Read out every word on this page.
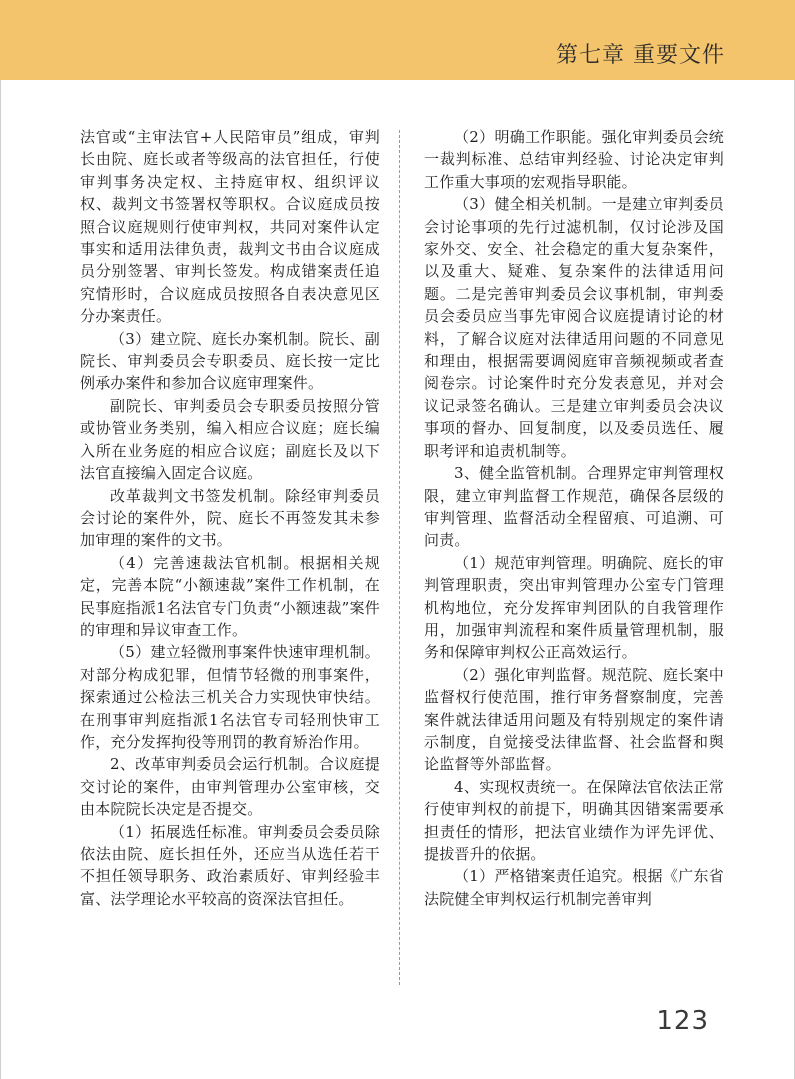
第七章 重要文件

法官或“主审法官+人民陪审员”组成，审判长由院、庭长或者等级高的法官担任，行使审判事务决定权、主持庭审权、组织评议权、裁判文书签署权等职权。合议庭成员按照合议庭规则行使审判权，共同对案件认定事实和适用法律负责，裁判文书由合议庭成员分别签署、审判长签发。构成错案责任追究情形时，合议庭成员按照各自表决意见区分办案责任。

（3）建立院、庭长办案机制。院长、副院长、审判委员会专职委员、庭长按一定比例承办案件和参加合议庭审理案件。

副院长、审判委员会专职委员按照分管或协管业务类别，编入相应合议庭；庭长编入所在业务庭的相应合议庭；副庭长及以下法官直接编入固定合议庭。

改革裁判文书签发机制。除经审判委员会讨论的案件外，院、庭长不再签发其未参加审理的案件的文书。

（4）完善速裁法官机制。根据相关规定，完善本院“小额速裁”案件工作机制，在民事庭指派1名法官专门负责“小额速裁”案件的审理和异议审查工作。

（5）建立轻微刑事案件快速审理机制。对部分构成犯罪，但情节轻微的刑事案件，探索通过公检法三机关合力实现快审快结。在刑事审判庭指派1名法官专司轻刑快审工作，充分发挥拘役等刑罚的教育矫治作用。

2、改革审判委员会运行机制。合议庭提交讨论的案件，由审判管理办公室审核，交由本院院长决定是否提交。

（1）拓展选任标准。审判委员会委员除依法由院、庭长担任外，还应当从选任若干不担任领导职务、政治素质好、审判经验丰富、法学理论水平较高的资深法官担任。

（2）明确工作职能。强化审判委员会统一裁判标准、总结审判经验、讨论决定审判工作重大事项的宏观指导职能。

（3）健全相关机制。一是建立审判委员会讨论事项的先行过滤机制，仅讨论涉及国家外交、安全、社会稳定的重大复杂案件，以及重大、疑难、复杂案件的法律适用问题。二是完善审判委员会议事机制，审判委员会委员应当事先审阅合议庭提请讨论的材料，了解合议庭对法律适用问题的不同意见和理由，根据需要调阅庭审音频视频或者查阅卷宗。讨论案件时充分发表意见，并对会议记录签名确认。三是建立审判委员会决议事项的督办、回复制度，以及委员选任、履职考评和追责机制等。

3、健全监管机制。合理界定审判管理权限，建立审判监督工作规范，确保各层级的审判管理、监督活动全程留痕、可追溯、可问责。

（1）规范审判管理。明确院、庭长的审判管理职责，突出审判管理办公室专门管理机构地位，充分发挥审判团队的自我管理作用，加强审判流程和案件质量管理机制，服务和保障审判权公正高效运行。

（2）强化审判监督。规范院、庭长案中监督权行使范围，推行审务督察制度，完善案件就法律适用问题及有特别规定的案件请示制度，自觉接受法律监督、社会监督和舆论监督等外部监督。

4、实现权责统一。在保障法官依法正常行使审判权的前提下，明确其因错案需要承担责任的情形，把法官业绩作为评先评优、提拔晋升的依据。

（1）严格错案责任追究。根据《广东省法院健全审判权运行机制完善审判

123
